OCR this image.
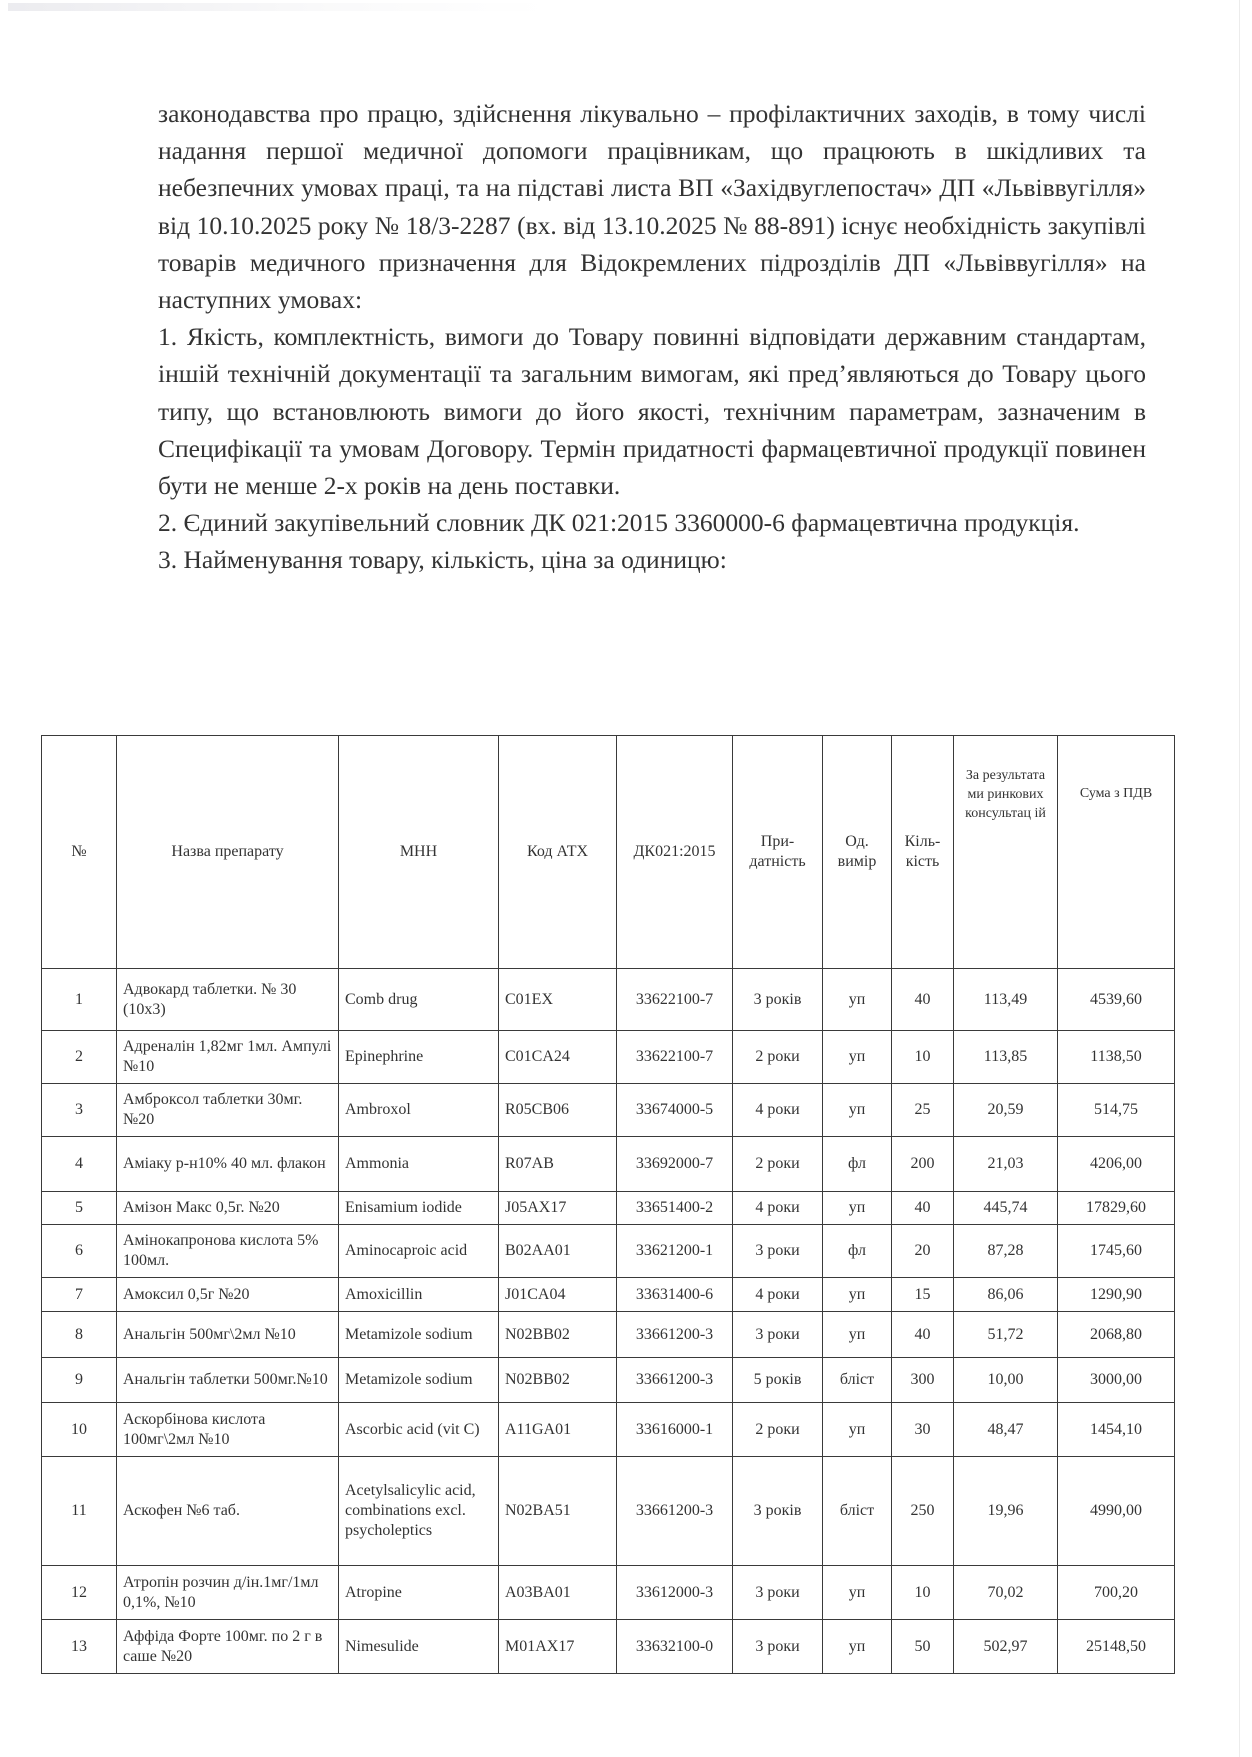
законодавства про працю, здійснення лікувально – профілактичних заходів, в тому числі надання першої медичної допомоги працівникам, що працюють в шкідливих та небезпечних умовах праці, та на підставі листа ВП «Західвуглепостач» ДП «Львіввугілля» від 10.10.2025 року № 18/3-2287 (вх. від 13.10.2025 № 88-891) існує необхідність закупівлі товарів медичного призначення для Відокремлених підрозділів ДП «Львіввугілля» на наступних умовах:

1. Якість, комплектність, вимоги до Товару повинні відповідати державним стандартам, іншій технічній документації та загальним вимогам, які пред’являються до Товару цього типу, що встановлюють вимоги до його якості, технічним параметрам, зазначеним в Специфікації та умовам Договору. Термін придатності фармацевтичної продукції повинен бути не менше 2-х років на день поставки.

2. Єдиний закупівельний словник ДК 021:2015 3360000-6 фармацевтична продукція.

3. Найменування товару, кількість, ціна за одиницю:

№	Назва препарату	МНН	Код АТХ	ДК021:2015	При-датність	Од. вимір	Кіль-кість	За результата ми ринкових консультац ій	Сума з ПДВ
1	Адвокард таблетки. № 30 (10х3)	Comb drug	C01EX	33622100-7	3 років	уп	40	113,49	4539,60
2	Адреналін 1,82мг 1мл. Ампулі №10	Epinephrine	C01CA24	33622100-7	2 роки	уп	10	113,85	1138,50
3	Амброксол таблетки 30мг.№20	Ambroxol	R05CB06	33674000-5	4 роки	уп	25	20,59	514,75
4	Аміаку р-н10% 40 мл. флакон	Ammonia	R07AB	33692000-7	2 роки	фл	200	21,03	4206,00
5	Амізон Макс 0,5г. №20	Enisamium iodide	J05AX17	33651400-2	4 роки	уп	40	445,74	17829,60
6	Амінокапронова кислота 5% 100мл.	Aminocaproic acid	B02AA01	33621200-1	3 роки	фл	20	87,28	1745,60
7	Амоксил 0,5г №20	Amoxicillin	J01CA04	33631400-6	4 роки	уп	15	86,06	1290,90
8	Анальгін 500мг\2мл №10	Metamizole sodium	N02BB02	33661200-3	3 роки	уп	40	51,72	2068,80
9	Анальгін таблетки 500мг.№10	Metamizole sodium	N02BB02	33661200-3	5 років	бліст	300	10,00	3000,00
10	Аскорбінова кислота 100мг\2мл №10	Ascorbic acid (vit C)	A11GA01	33616000-1	2 роки	уп	30	48,47	1454,10
11	Аскофен №6 таб.	Acetylsalicylic acid, combinations excl. psycholeptics	N02BA51	33661200-3	3 років	бліст	250	19,96	4990,00
12	Атропін розчин д/ін.1мг/1мл 0,1%, №10	Atropine	A03BA01	33612000-3	3 роки	уп	10	70,02	700,20
13	Аффіда Форте 100мг. по 2 г в саше №20	Nimesulide	M01AX17	33632100-0	3 роки	уп	50	502,97	25148,50
